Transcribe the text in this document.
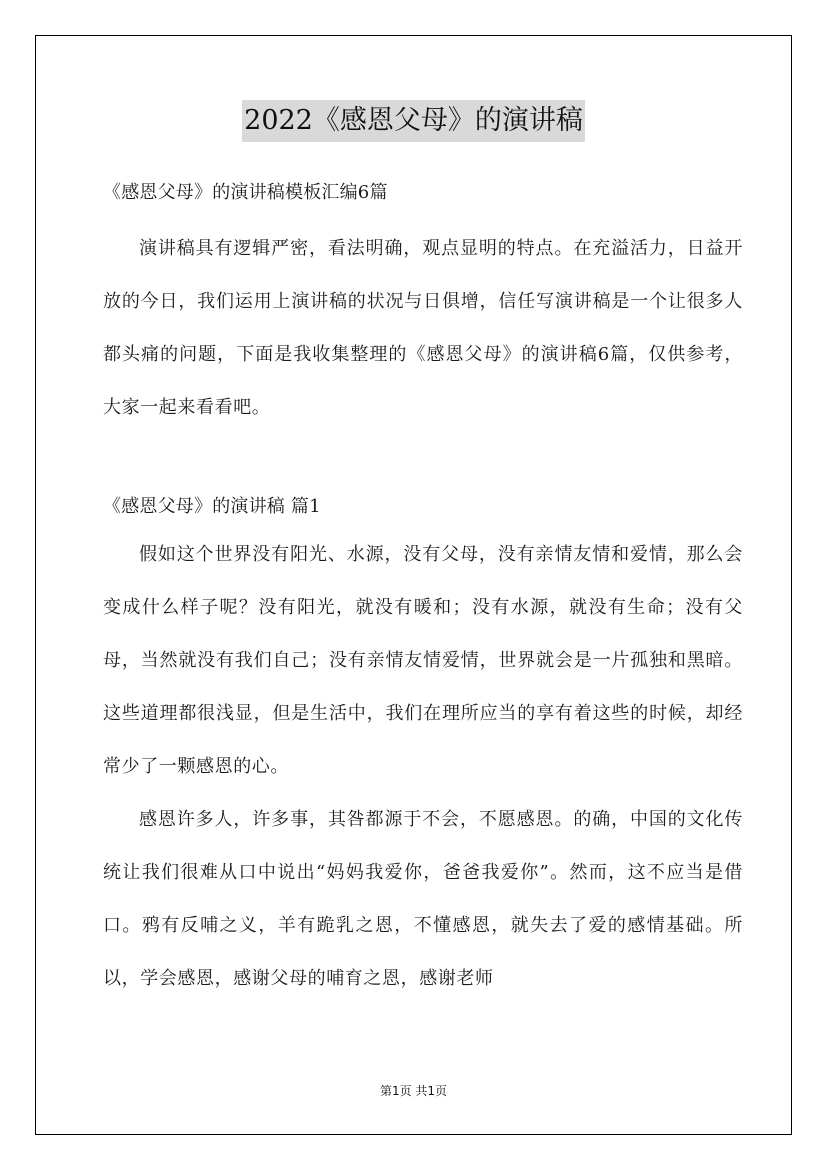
2022《感恩父母》的演讲稿

《感恩父母》的演讲稿模板汇编6篇

演讲稿具有逻辑严密，看法明确，观点显明的特点。在充溢活力，日益开放的今日，我们运用上演讲稿的状况与日俱增，信任写演讲稿是一个让很多人都头痛的问题，下面是我收集整理的《感恩父母》的演讲稿6篇，仅供参考，大家一起来看看吧。

《感恩父母》的演讲稿 篇1

假如这个世界没有阳光、水源，没有父母，没有亲情友情和爱情，那么会变成什么样子呢？没有阳光，就没有暖和；没有水源，就没有生命；没有父母，当然就没有我们自己；没有亲情友情爱情，世界就会是一片孤独和黑暗。这些道理都很浅显，但是生活中，我们在理所应当的享有着这些的时候，却经常少了一颗感恩的心。

感恩许多人，许多事，其咎都源于不会，不愿感恩。的确，中国的文化传统让我们很难从口中说出“妈妈我爱你，爸爸我爱你”。然而，这不应当是借口。鸦有反哺之义，羊有跪乳之恩，不懂感恩，就失去了爱的感情基础。所以，学会感恩，感谢父母的哺育之恩，感谢老师

第1页 共1页
